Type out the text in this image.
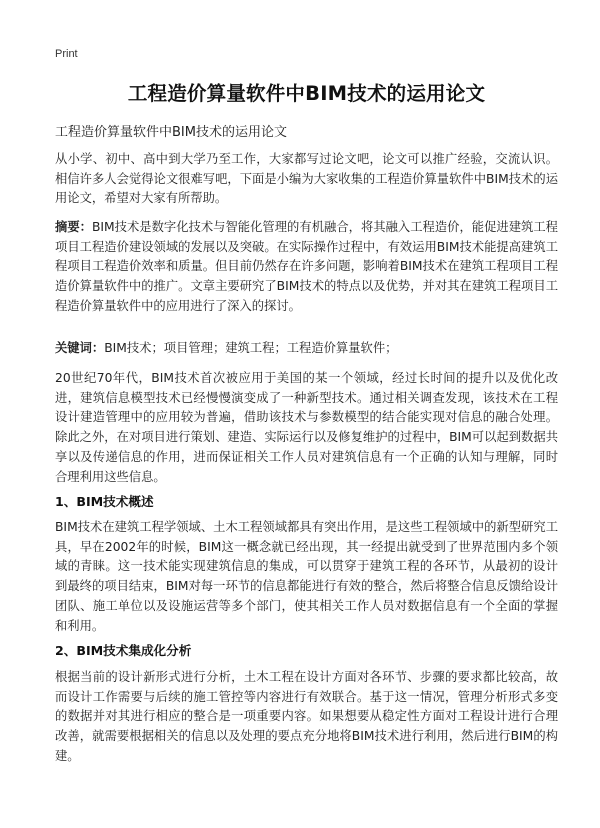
Print
工程造价算量软件中BIM技术的运用论文
工程造价算量软件中BIM技术的运用论文

从小学、初中、高中到大学乃至工作，大家都写过论文吧，论文可以推广经验，交流认识。相信许多人会觉得论文很难写吧，下面是小编为大家收集的工程造价算量软件中BIM技术的运用论文，希望对大家有所帮助。

摘要：BIM技术是数字化技术与智能化管理的有机融合，将其融入工程造价，能促进建筑工程项目工程造价建设领域的发展以及突破。在实际操作过程中，有效运用BIM技术能提高建筑工程项目工程造价效率和质量。但目前仍然存在许多问题，影响着BIM技术在建筑工程项目工程造价算量软件中的推广。文章主要研究了BIM技术的特点以及优势，并对其在建筑工程项目工程造价算量软件中的应用进行了深入的探讨。

关键词：BIM技术；项目管理；建筑工程；工程造价算量软件；

20世纪70年代，BIM技术首次被应用于美国的某一个领域，经过长时间的提升以及优化改进，建筑信息模型技术已经慢慢演变成了一种新型技术。通过相关调查发现，该技术在工程设计建造管理中的应用较为普遍，借助该技术与参数模型的结合能实现对信息的融合处理。除此之外，在对项目进行策划、建造、实际运行以及修复维护的过程中，BIM可以起到数据共享以及传递信息的作用，进而保证相关工作人员对建筑信息有一个正确的认知与理解，同时合理利用这些信息。

1、BIM技术概述

BIM技术在建筑工程学领域、土木工程领域都具有突出作用，是这些工程领域中的新型研究工具，早在2002年的时候，BIM这一概念就已经出现，其一经提出就受到了世界范围内多个领域的青睐。这一技术能实现建筑信息的集成，可以贯穿于建筑工程的各环节，从最初的设计到最终的项目结束，BIM对每一环节的信息都能进行有效的整合，然后将整合信息反馈给设计团队、施工单位以及设施运营等多个部门，使其相关工作人员对数据信息有一个全面的掌握和利用。

2、BIM技术集成化分析

根据当前的设计新形式进行分析，土木工程在设计方面对各环节、步骤的要求都比较高，故而设计工作需要与后续的施工管控等内容进行有效联合。基于这一情况，管理分析形式多变的数据并对其进行相应的整合是一项重要内容。如果想要从稳定性方面对工程设计进行合理改善，就需要根据相关的信息以及处理的要点充分地将BIM技术进行利用，然后进行BIM的构建。
